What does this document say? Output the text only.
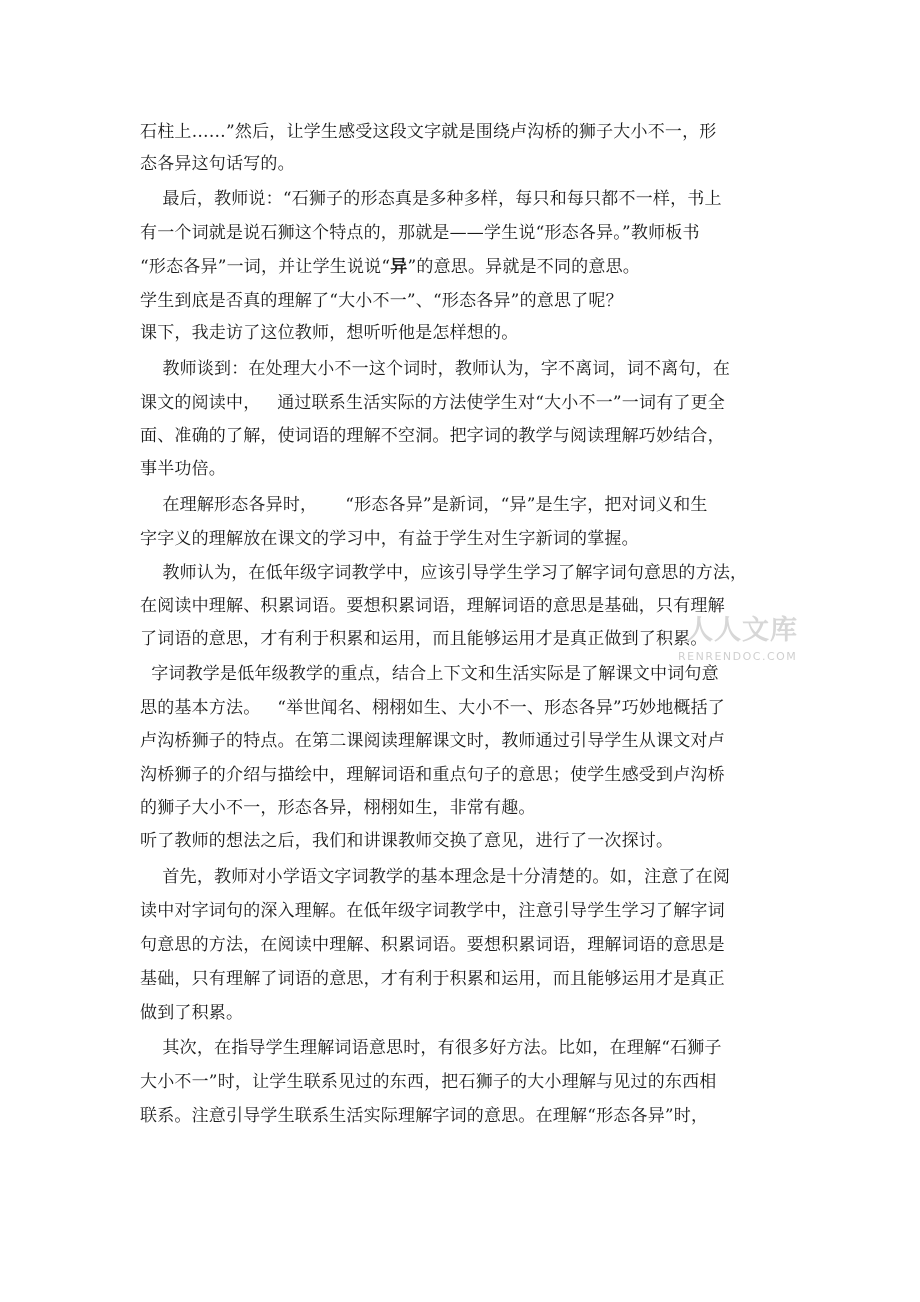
石柱上……”然后，让学生感受这段文字就是围绕卢沟桥的狮子大小不一，形
态各异这句话写的。
最后，教师说：“石狮子的形态真是多种多样，每只和每只都不一样，书上
有一个词就是说石狮这个特点的，那就是——学生说“形态各异。”教师板书
“形态各异”一词，并让学生说说“异”的意思。异就是不同的意思。
学生到底是否真的理解了“大小不一”、“形态各异”的意思了呢？
课下，我走访了这位教师，想听听他是怎样想的。
教师谈到：在处理大小不一这个词时，教师认为，字不离词，词不离句，在
课文的阅读中，   通过联系生活实际的方法使学生对“大小不一”一词有了更全
面、准确的了解，使词语的理解不空洞。把字词的教学与阅读理解巧妙结合，
事半功倍。
在理解形态各异时，     “形态各异”是新词，“异”是生字，把对词义和生
字字义的理解放在课文的学习中，有益于学生对生字新词的掌握。
教师认为，在低年级字词教学中，应该引导学生学习了解字词句意思的方法，
在阅读中理解、积累词语。要想积累词语，理解词语的意思是基础，只有理解
了词语的意思，才有利于积累和运用，而且能够运用才是真正做到了积累。
字词教学是低年级教学的重点，结合上下文和生活实际是了解课文中词句意
思的基本方法。   “举世闻名、栩栩如生、大小不一、形态各异”巧妙地概括了
卢沟桥狮子的特点。在第二课阅读理解课文时，教师通过引导学生从课文对卢
沟桥狮子的介绍与描绘中，理解词语和重点句子的意思；使学生感受到卢沟桥
的狮子大小不一，形态各异，栩栩如生，非常有趣。
听了教师的想法之后，我们和讲课教师交换了意见，进行了一次探讨。
首先，教师对小学语文字词教学的基本理念是十分清楚的。如，注意了在阅
读中对字词句的深入理解。在低年级字词教学中，注意引导学生学习了解字词
句意思的方法，在阅读中理解、积累词语。要想积累词语，理解词语的意思是
基础，只有理解了词语的意思，才有利于积累和运用，而且能够运用才是真正
做到了积累。
其次，在指导学生理解词语意思时，有很多好方法。比如，在理解“石狮子
大小不一”时，让学生联系见过的东西，把石狮子的大小理解与见过的东西相
联系。注意引导学生联系生活实际理解字词的意思。在理解“形态各异”时，
人人文库
RENRENDOC.COM
